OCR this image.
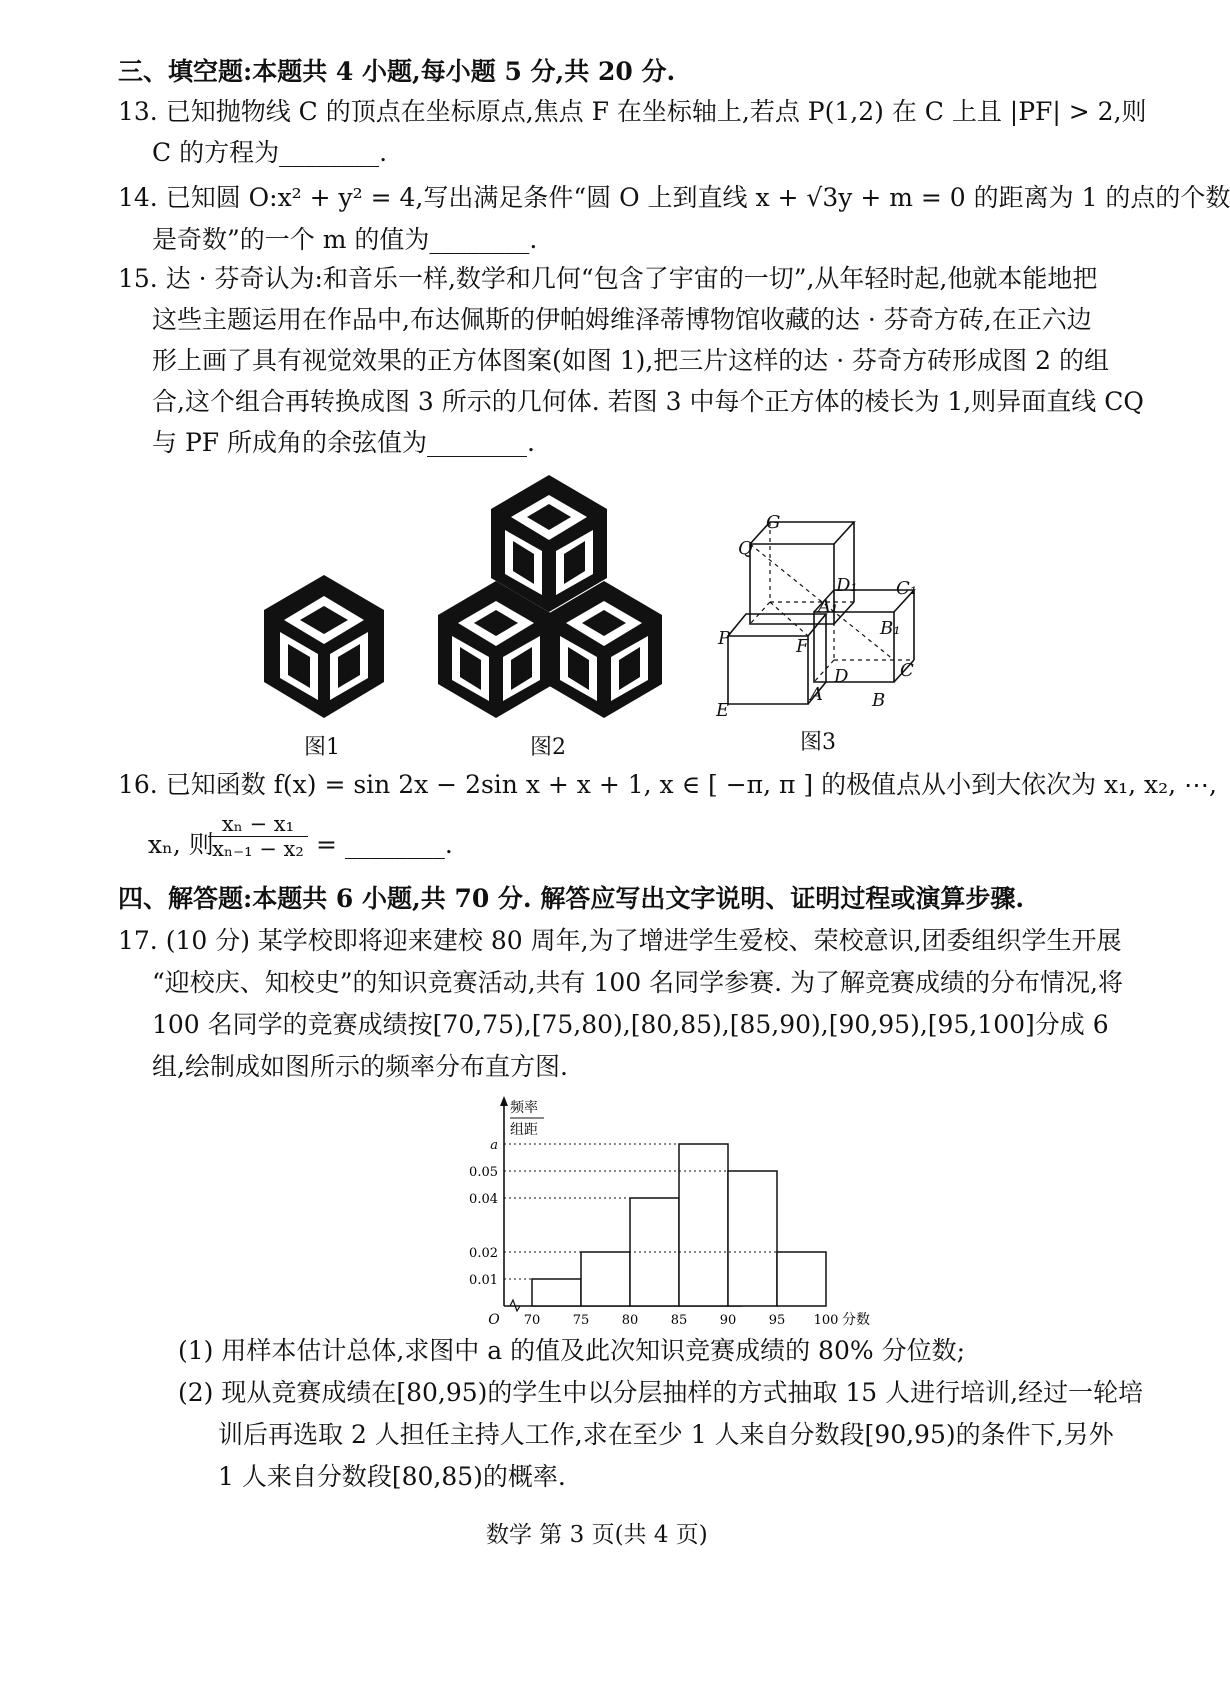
三、填空题:本题共 4 小题,每小题 5 分,共 20 分.
13. 已知抛物线 C 的顶点在坐标原点,焦点 F 在坐标轴上,若点 P(1,2) 在 C 上且 |PF| > 2,则
C 的方程为________.
14. 已知圆 O:x² + y² = 4,写出满足条件“圆 O 上到直线 x + √3y + m = 0 的距离为 1 的点的个数
是奇数”的一个 m 的值为________.
15. 达 · 芬奇认为:和音乐一样,数学和几何“包含了宇宙的一切”,从年轻时起,他就本能地把
这些主题运用在作品中,布达佩斯的伊帕姆维泽蒂博物馆收藏的达 · 芬奇方砖,在正六边
形上画了具有视觉效果的正方体图案(如图 1),把三片这样的达 · 芬奇方砖形成图 2 的组
合,这个组合再转换成图 3 所示的几何体. 若图 3 中每个正方体的棱长为 1,则异面直线 CQ
与 PF 所成角的余弦值为________.
图1	图2
G
Q
D₁ C₁
A₁
B₁
P	F
D	C
A	B
E
图3
16. 已知函数 f(x) = sin 2x − 2sin x + x + 1, x ∈ [ −π, π ] 的极值点从小到大依次为 x₁, x₂, ⋯,
xₙ, 则
$\frac{\text{xₙ − x₁}}{\text{xₙ₋₁ − x₂}}$ = ________.
四、解答题:本题共 6 小题,共 70 分. 解答应写出文字说明、证明过程或演算步骤.
17. (10 分) 某学校即将迎来建校 80 周年,为了增进学生爱校、荣校意识,团委组织学生开展
“迎校庆、知校史”的知识竞赛活动,共有 100 名同学参赛. 为了解竞赛成绩的分布情况,将
100 名同学的竞赛成绩按[70,75),[75,80),[80,85),[85,90),[90,95),[95,100]分成 6
组,绘制成如图所示的频率分布直方图.
0.01
0.02
0.04
0.05
a
70 75 80 85 90 95 100 分数
O
频率
组距
(1) 用样本估计总体,求图中 a 的值及此次知识竞赛成绩的 80% 分位数;
(2) 现从竞赛成绩在[80,95)的学生中以分层抽样的方式抽取 15 人进行培训,经过一轮培
训后再选取 2 人担任主持人工作,求在至少 1 人来自分数段[90,95)的条件下,另外
1 人来自分数段[80,85)的概率.
数学 第 3 页(共 4 页)
